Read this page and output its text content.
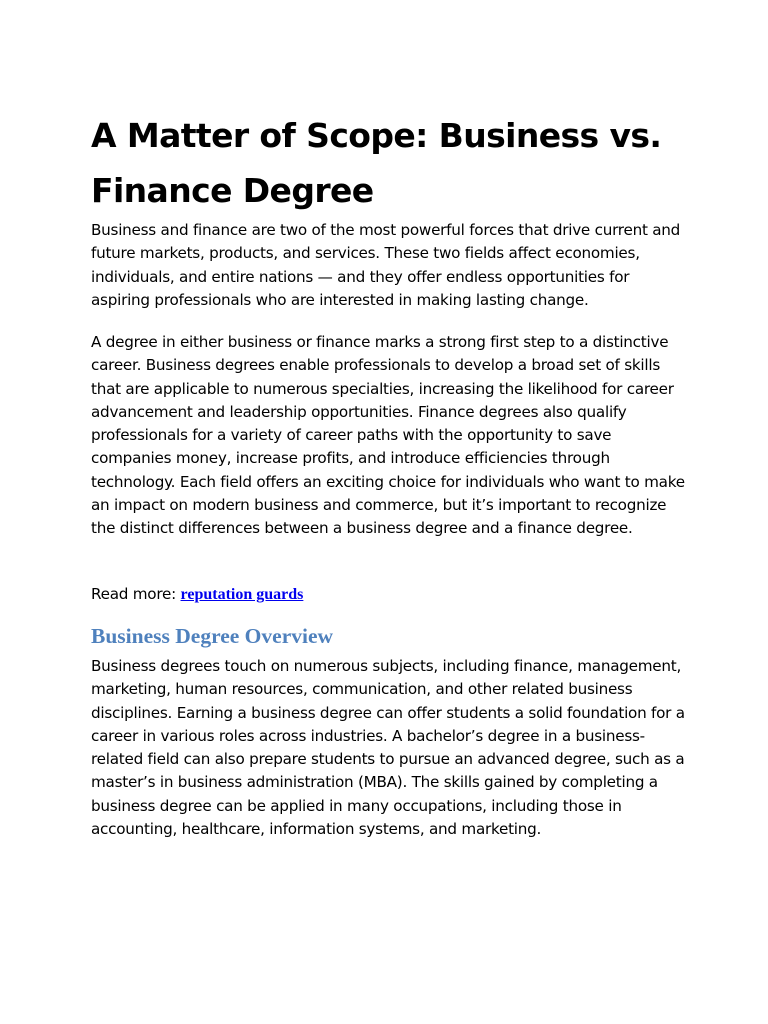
A Matter of Scope: Business vs. Finance Degree

Business and finance are two of the most powerful forces that drive current and future markets, products, and services. These two fields affect economies, individuals, and entire nations — and they offer endless opportunities for aspiring professionals who are interested in making lasting change.

A degree in either business or finance marks a strong first step to a distinctive career. Business degrees enable professionals to develop a broad set of skills that are applicable to numerous specialties, increasing the likelihood for career advancement and leadership opportunities. Finance degrees also qualify professionals for a variety of career paths with the opportunity to save companies money, increase profits, and introduce efficiencies through technology. Each field offers an exciting choice for individuals who want to make an impact on modern business and commerce, but it’s important to recognize the distinct differences between a business degree and a finance degree.

Read more: reputation guards

Business Degree Overview

Business degrees touch on numerous subjects, including finance, management, marketing, human resources, communication, and other related business disciplines. Earning a business degree can offer students a solid foundation for a career in various roles across industries. A bachelor’s degree in a business-related field can also prepare students to pursue an advanced degree, such as a master’s in business administration (MBA). The skills gained by completing a business degree can be applied in many occupations, including those in accounting, healthcare, information systems, and marketing.
